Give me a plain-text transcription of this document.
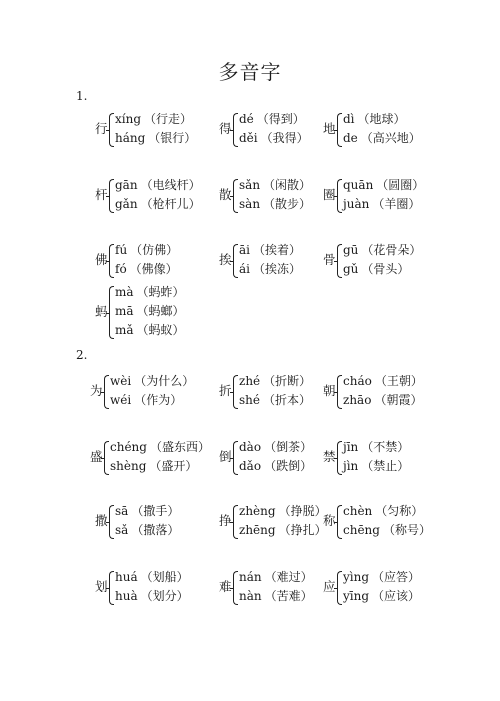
多音字
1.
2.
行
xíng （行走）
háng （银行）
得
dé （得到）
děi （我得）
地
dì （地球）
de （高兴地）
杆
gān （电线杆）
gǎn （枪杆儿）
散
sǎn （闲散）
sàn （散步）
圈
quān （圆圈）
juàn （羊圈）
佛
fú （仿佛）
fó （佛像）
挨
āi （挨着）
ái （挨冻）
骨
gū （花骨朵）
gǔ （骨头）
蚂
mà （蚂蚱）
mā （蚂螂）
mǎ （蚂蚁）
为
wèi （为什么）
wéi （作为）
折
zhé （折断）
shé （折本）
朝
cháo （王朝）
zhāo （朝霞）
盛
chéng （盛东西）
shèng （盛开）
倒
dào （倒茶）
dǎo （跌倒）
禁
jīn （不禁）
jìn （禁止）
撒
sā （撒手）
sǎ （撒落）
挣
zhèng （挣脱）
zhēng （挣扎）
称
chèn （匀称）
chēng （称号）
划
huá （划船）
huà （划分）
难
nán （难过）
nàn （苦难）
应
yìng （应答）
yīng （应该）
